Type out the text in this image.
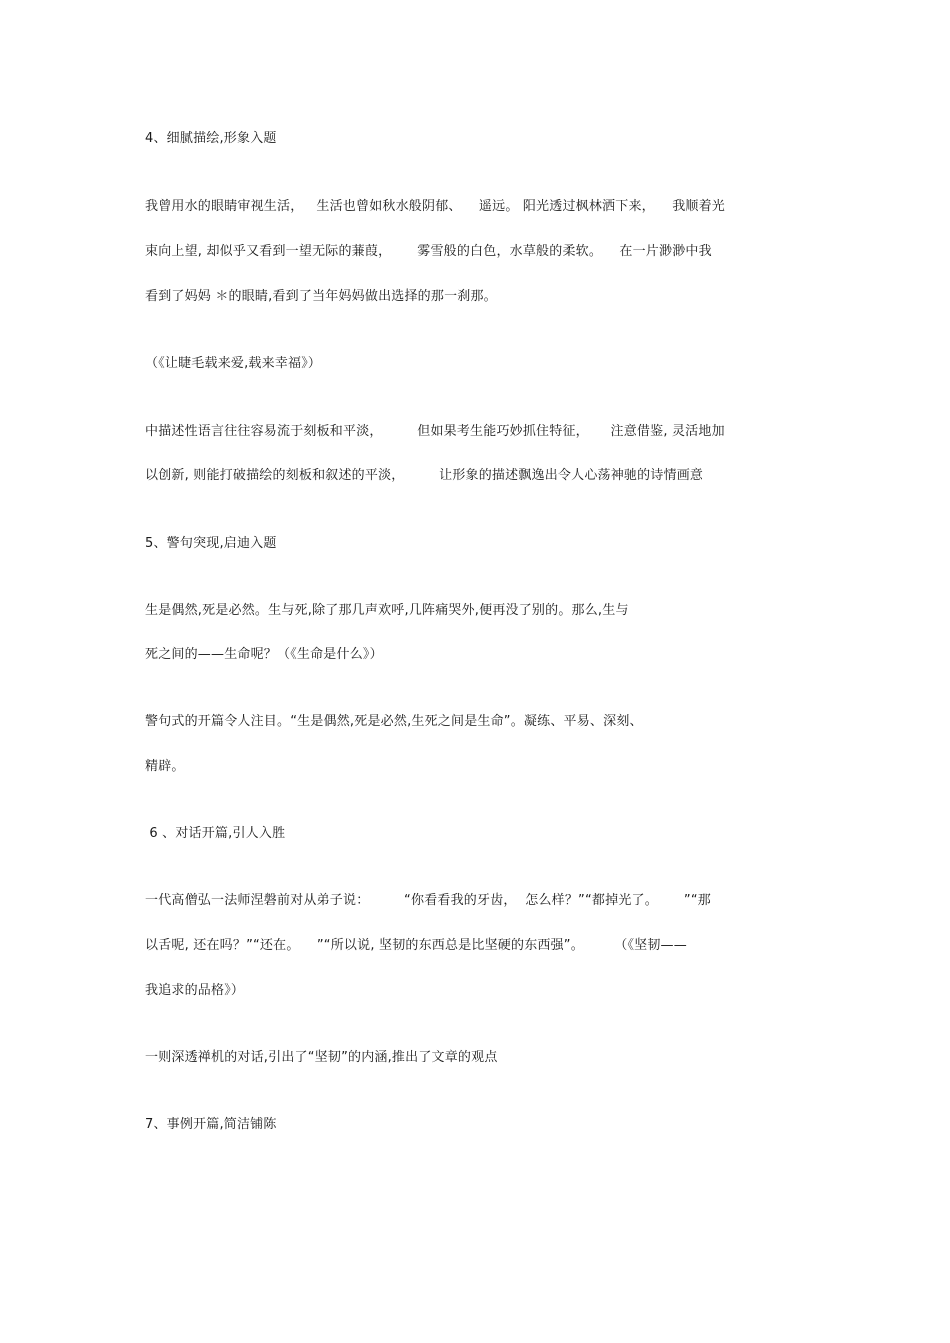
4、细腻描绘,形象入题
我曾用水的眼睛审视生活，   生活也曾如秋水般阴郁、    遥远。 阳光透过枫林洒下来，    我顺着光
束向上望, 却似乎又看到一望无际的蒹葭，      雾雪般的白色，水草般的柔软。    在一片渺渺中我
看到了妈妈 ＊的眼睛,看到了当年妈妈做出选择的那一刹那。
（《让睫毛载来爱,载来幸福》）
中描述性语言往往容易流于刻板和平淡，        但如果考生能巧妙抓住特征，     注意借鉴, 灵活地加
以创新, 则能打破描绘的刻板和叙述的平淡，        让形象的描述飘逸出令人心荡神驰的诗情画意
5、警句突现,启迪入题
生是偶然,死是必然。生与死,除了那几声欢呼,几阵痛哭外,便再没了别的。那么,生与
死之间的——生命呢？（《生命是什么》）
警句式的开篇令人注目。“生是偶然,死是必然,生死之间是生命”。凝练、平易、深刻、
精辟。
6 、对话开篇,引人入胜
一代高僧弘一法师涅磐前对从弟子说：        “你看看我的牙齿，  怎么样？”“都掉光了。      ”“那
以舌呢, 还在吗？”“还在。    ”“所以说, 坚韧的东西总是比坚硬的东西强”。       （《坚韧——
我追求的品格》）
一则深透禅机的对话,引出了“坚韧”的内涵,推出了文章的观点
7、事例开篇,简洁铺陈
